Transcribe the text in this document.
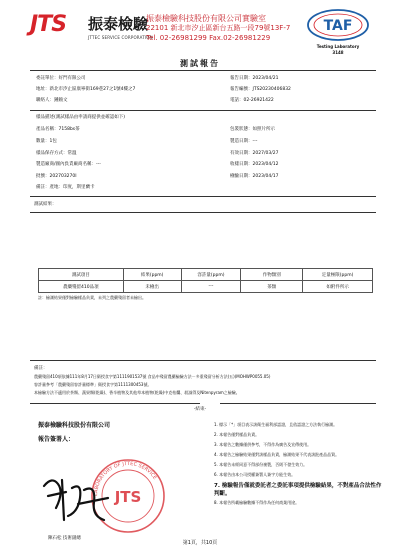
JTS	振泰檢驗
JTTEC SERVICE CORPORATION
振泰檢驗科技股份有限公司實驗室
22101 新北市汐止區新台五路一段79號13F-7
Tel. 02-26981299 Fax.02-26981229
TAF
Testing Laboratory
3148
測試報告
委託單位：好門有限公司	報告日期：2023/04/21
地址：新北市汐止區康寧街169巷27之1號4樓之7	報告編號：JTS20230406832
聯絡人：鍾賴文	電話：02-26921422
樣品描述(測試樣品由申請商提供並確認如下)
產品名稱：7158bs茶	包裝狀態：如照片所示
數量：1包	製造日期：---
樣品保存方式：常溫	有效日期：2027/03/27
製造廠商/國內負責廠商名稱：---	收樣日期：2023/04/12
批號：202703270I	檢驗日期：2023/04/17
備註：產地：印度，斯里蘭卡
測試結果：
測試項目	結果(ppm)	容許量(ppm)	作物類別	定量極限(ppm)
農藥殘留410品項	未檢出	---	茶類	如附件所示
註：檢測結果僅對檢驗樣品負責，未列之農藥殘留者未檢出。
備註：
農藥殘留410項依據111年8月17日衛授食字第1111901537號 食品中殘留農藥檢驗方法－多重殘留分析方法(五)(MOHWP0055.05)
容許量參考「農藥殘留容許量標準」衛授食字第1111300453號。
本檢驗方法不適用於茶類、蔬果類(乾燥)、香辛植物及其他草本植物(乾燥)中克枯爛、殺滅得及Nitenpyram之檢驗。
-結束-
振泰檢驗科技股份有限公司
報告簽署人：
LABORATORY OF JTTEC SERVICE
JTS
陳石松 技術副總
1. 標示「*」項目表示該衛生福利部認證，且依認證之方法執行檢測。
2. 本報告僅對樣品負責。
3. 本報告之數據僅供參考，不得作為廣告及宣傳使用。
4. 本報告之檢驗結果僅對該樣品負責，檢測結果不代表該批產品品質。
5. 本報告未經同意不得部份複製，否則不發生效力。
6. 本報告由本公司授權簽署人簽字方能生效。
7. 檢驗報告僅就委託者之委託事項提供檢驗結果，不對產品合法性作判斷。
8. 本報告所載檢驗數據不得作為任何商業用途。
第1頁，共10頁
